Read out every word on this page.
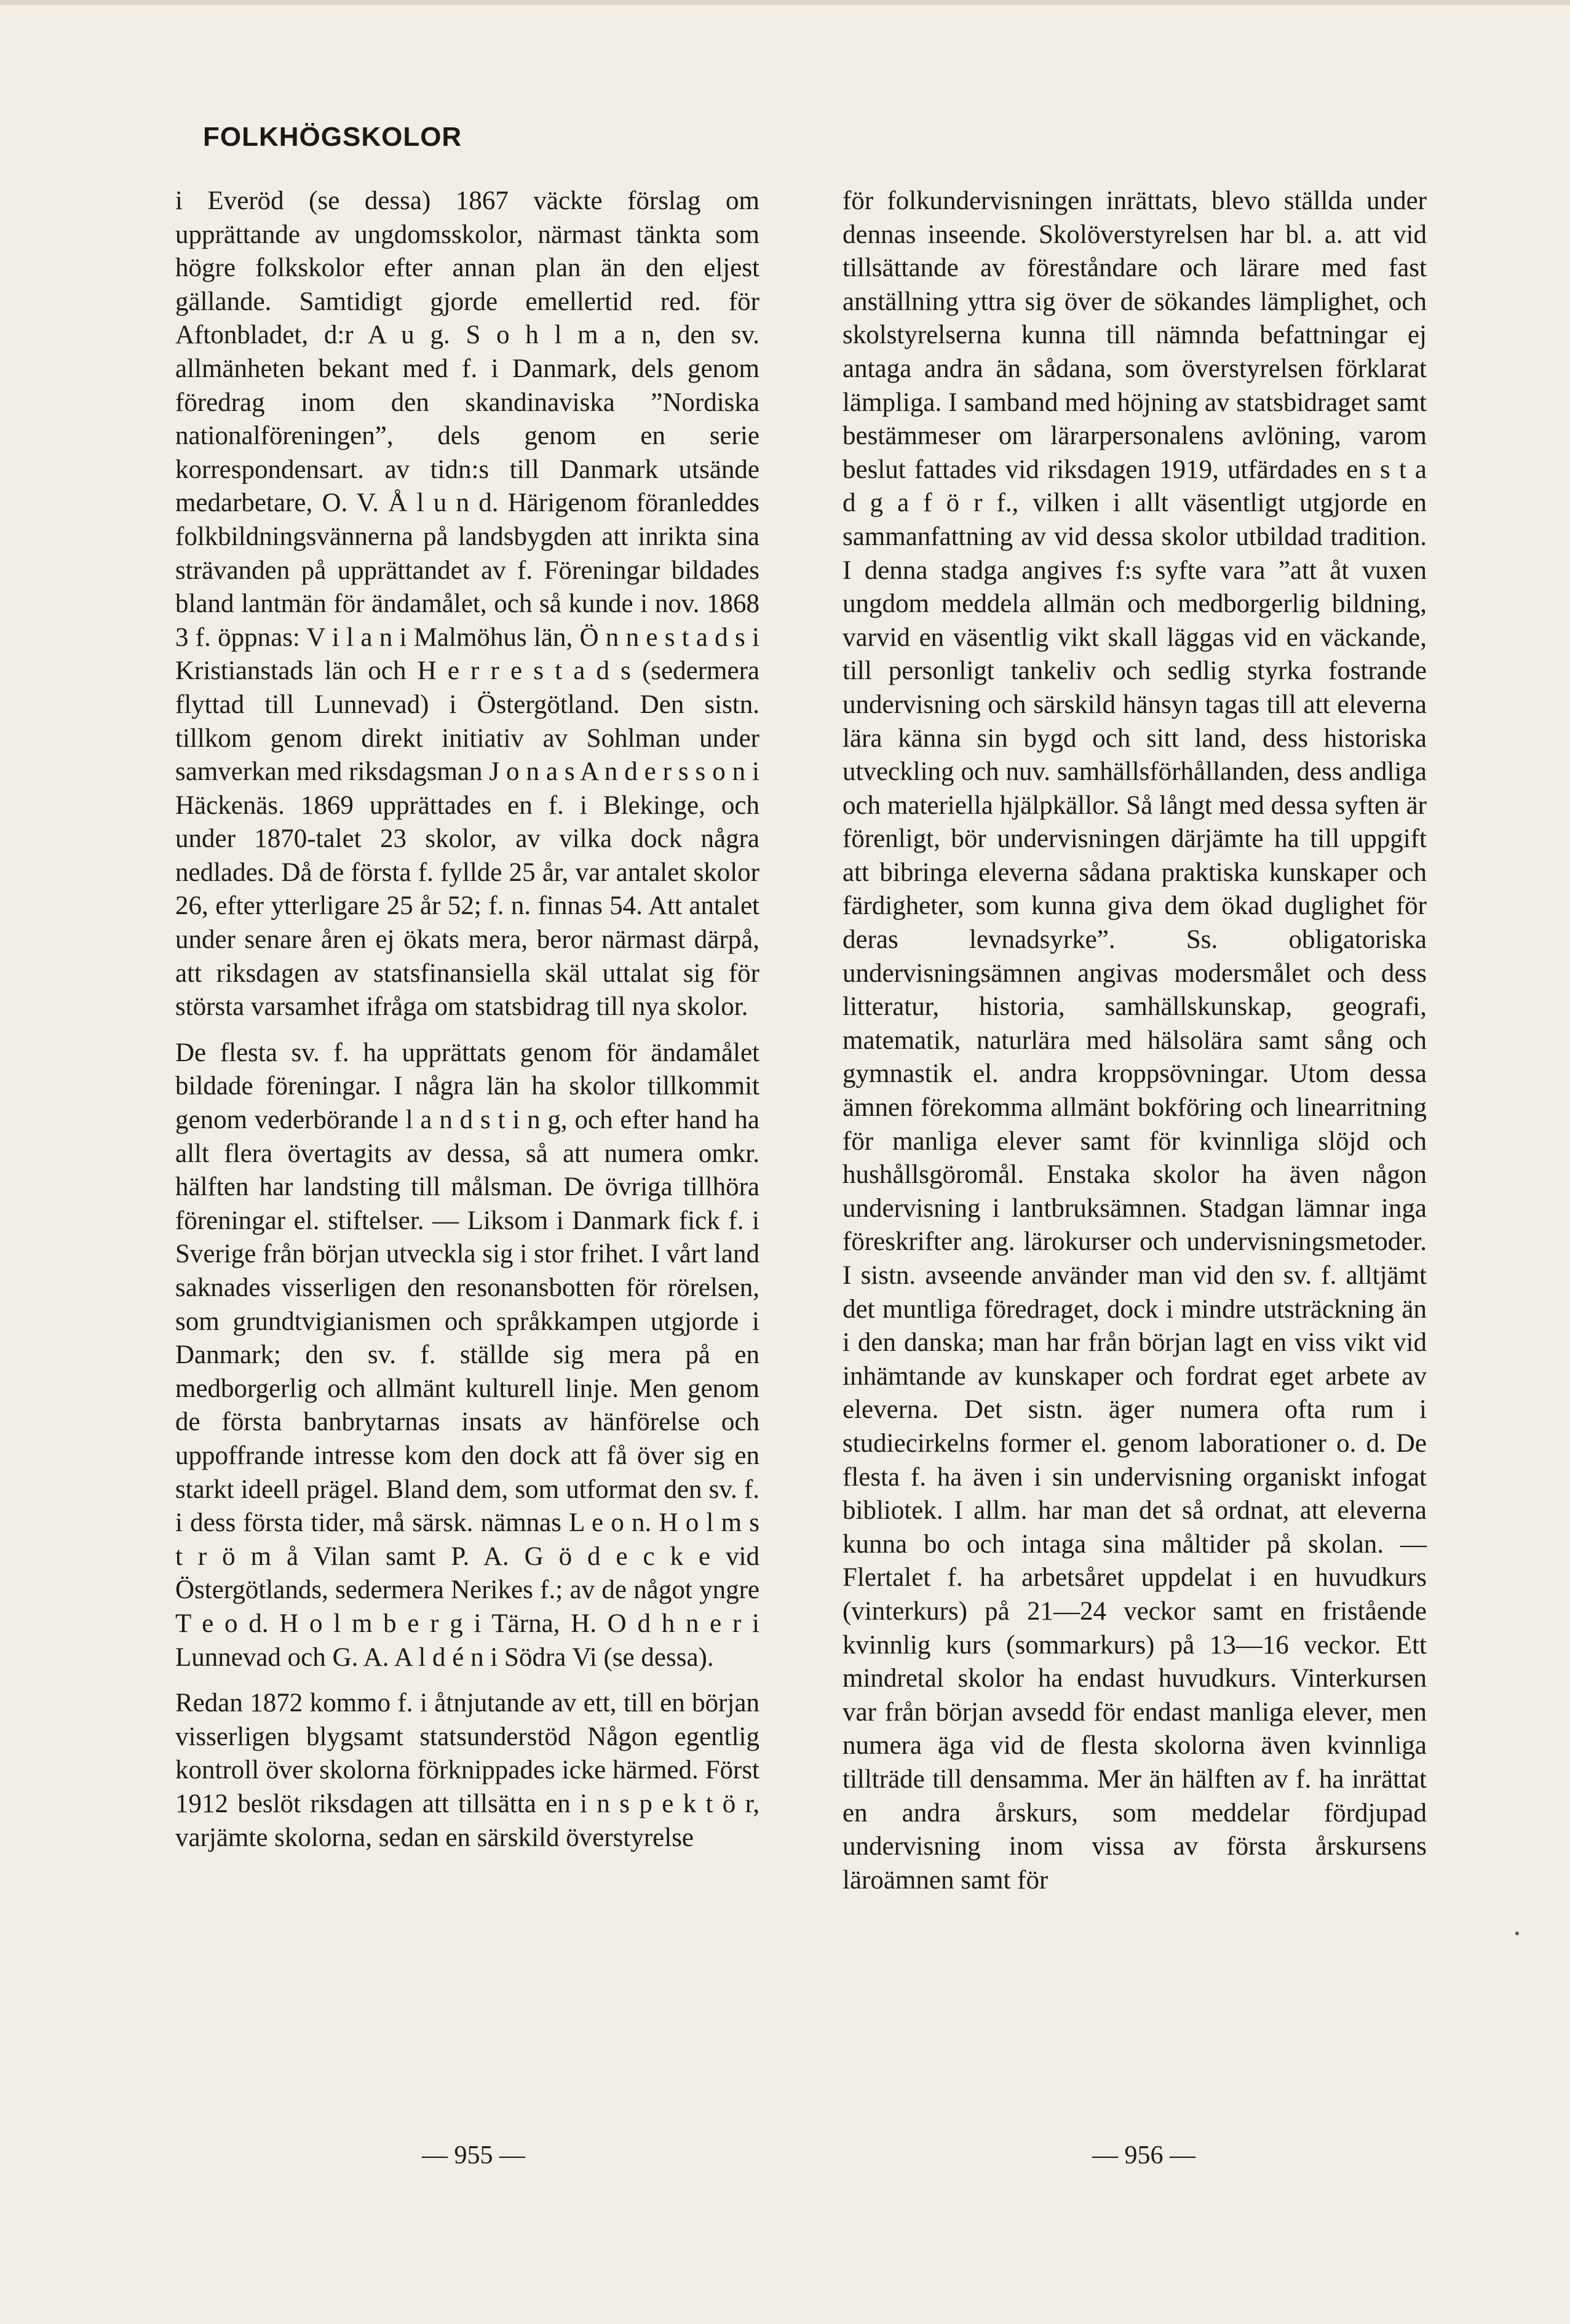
FOLKHÖGSKOLOR

i Everöd (se dessa) 1867 väckte förslag om upprättande av ungdomsskolor, närmast tänkta som högre folkskolor efter annan plan än den eljest gällande. Samtidigt gjorde emellertid red. för Aftonbladet, d:r A u g. S o h l m a n, den sv. allmänheten bekant med f. i Danmark, dels genom föredrag inom den skandinaviska ”Nordiska nationalföreningen”, dels genom en serie korrespondensart. av tidn:s till Danmark utsände medarbetare, O. V. Å l u n d. Härigenom föranleddes folkbildningsvännerna på landsbygden att inrikta sina strävanden på upprättandet av f. Föreningar bildades bland lantmän för ändamålet, och så kunde i nov. 1868 3 f. öppnas: V i l a n i Malmöhus län, Ö n n e s t a d s i Kristianstads län och H e r r e s t a d s (sedermera flyttad till Lunnevad) i Östergötland. Den sistn. tillkom genom direkt initiativ av Sohlman under samverkan med riksdagsman J o n a s A n d e r s s o n i Häckenäs. 1869 upprättades en f. i Blekinge, och under 1870-talet 23 skolor, av vilka dock några nedlades. Då de första f. fyllde 25 år, var antalet skolor 26, efter ytterligare 25 år 52; f. n. finnas 54. Att antalet under senare åren ej ökats mera, beror närmast därpå, att riksdagen av statsfinansiella skäl uttalat sig för största varsamhet ifråga om statsbidrag till nya skolor.

De flesta sv. f. ha upprättats genom för ändamålet bildade föreningar. I några län ha skolor tillkommit genom vederbörande l a n d s t i n g, och efter hand ha allt flera övertagits av dessa, så att numera omkr. hälften har landsting till målsman. De övriga tillhöra föreningar el. stiftelser. — Liksom i Danmark fick f. i Sverige från början utveckla sig i stor frihet. I vårt land saknades visserligen den resonansbotten för rörelsen, som grundtvigianismen och språkkampen utgjorde i Danmark; den sv. f. ställde sig mera på en medborgerlig och allmänt kulturell linje. Men genom de första banbrytarnas insats av hänförelse och uppoffrande intresse kom den dock att få över sig en starkt ideell prägel. Bland dem, som utformat den sv. f. i dess första tider, må särsk. nämnas L e o n. H o l m s t r ö m å Vilan samt P. A. G ö d e c k e vid Östergötlands, sedermera Nerikes f.; av de något yngre T e o d. H o l m b e r g i Tärna, H. O d h n e r i Lunnevad och G. A. A l d é n i Södra Vi (se dessa).

Redan 1872 kommo f. i åtnjutande av ett, till en början visserligen blygsamt statsunderstöd Någon egentlig kontroll över skolorna förknippades icke härmed. Först 1912 beslöt riksdagen att tillsätta en i n s p e k t ö r, varjämte skolorna, sedan en särskild överstyrelse

för folkundervisningen inrättats, blevo ställda under dennas inseende. Skolöverstyrelsen har bl. a. att vid tillsättande av föreståndare och lärare med fast anställning yttra sig över de sökandes lämplighet, och skolstyrelserna kunna till nämnda befattningar ej antaga andra än sådana, som överstyrelsen förklarat lämpliga. I samband med höjning av statsbidraget samt bestämmeser om lärarpersonalens avlöning, varom beslut fattades vid riksdagen 1919, utfärdades en s t a d g a f ö r f., vilken i allt väsentligt utgjorde en sammanfattning av vid dessa skolor utbildad tradition. I denna stadga angives f:s syfte vara ”att åt vuxen ungdom meddela allmän och medborgerlig bildning, varvid en väsentlig vikt skall läggas vid en väckande, till personligt tankeliv och sedlig styrka fostrande undervisning och särskild hänsyn tagas till att eleverna lära känna sin bygd och sitt land, dess historiska utveckling och nuv. samhällsförhållanden, dess andliga och materiella hjälpkällor. Så långt med dessa syften är förenligt, bör undervisningen därjämte ha till uppgift att bibringa eleverna sådana praktiska kunskaper och färdigheter, som kunna giva dem ökad duglighet för deras levnadsyrke”. Ss. obligatoriska undervisningsämnen angivas modersmålet och dess litteratur, historia, samhällskunskap, geografi, matematik, naturlära med hälsolära samt sång och gymnastik el. andra kroppsövningar. Utom dessa ämnen förekomma allmänt bokföring och linearritning för manliga elever samt för kvinnliga slöjd och hushållsgöromål. Enstaka skolor ha även någon undervisning i lantbruksämnen. Stadgan lämnar inga föreskrifter ang. lärokurser och undervisningsmetoder. I sistn. avseende använder man vid den sv. f. alltjämt det muntliga föredraget, dock i mindre utsträckning än i den danska; man har från början lagt en viss vikt vid inhämtande av kunskaper och fordrat eget arbete av eleverna. Det sistn. äger numera ofta rum i studiecirkelns former el. genom laborationer o. d. De flesta f. ha även i sin undervisning organiskt infogat bibliotek. I allm. har man det så ordnat, att eleverna kunna bo och intaga sina måltider på skolan. — Flertalet f. ha arbetsåret uppdelat i en huvudkurs (vinterkurs) på 21—24 veckor samt en fristående kvinnlig kurs (sommarkurs) på 13—16 veckor. Ett mindretal skolor ha endast huvudkurs. Vinterkursen var från början avsedd för endast manliga elever, men numera äga vid de flesta skolorna även kvinnliga tillträde till densamma. Mer än hälften av f. ha inrättat en andra årskurs, som meddelar fördjupad undervisning inom vissa av första årskursens läroämnen samt för

— 955 —	— 956 —
